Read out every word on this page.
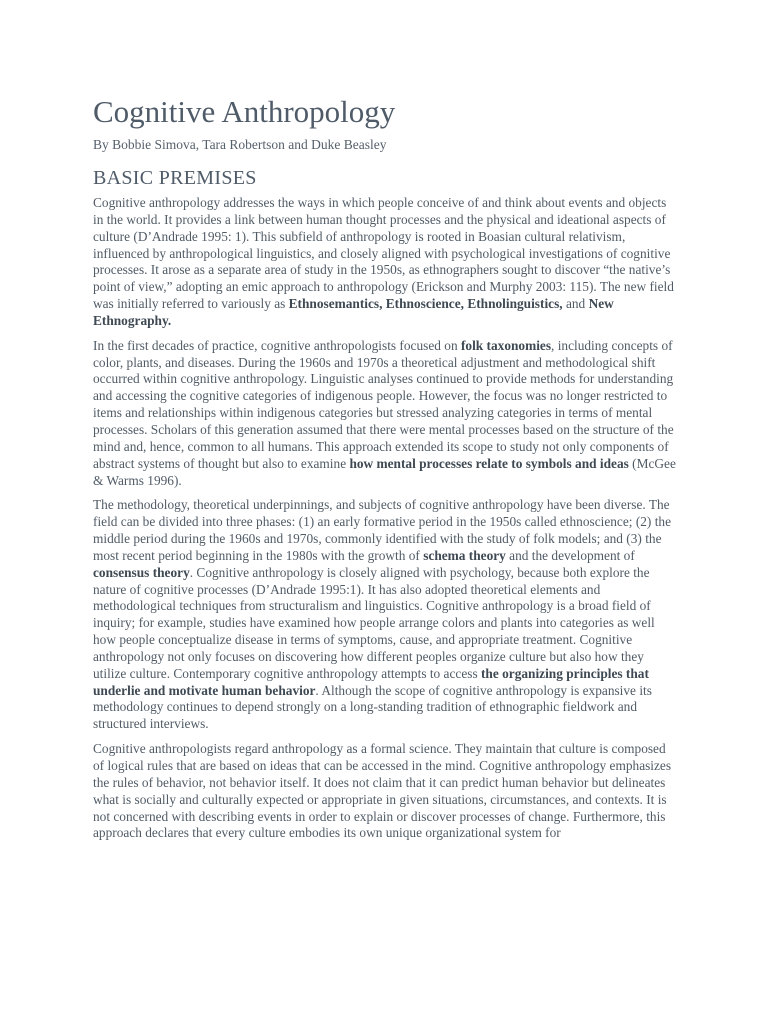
Cognitive Anthropology

By Bobbie Simova, Tara Robertson and Duke Beasley

BASIC PREMISES

Cognitive anthropology addresses the ways in which people conceive of and think about events and objects in the world. It provides a link between human thought processes and the physical and ideational aspects of culture (D’Andrade 1995: 1). This subfield of anthropology is rooted in Boasian cultural relativism, influenced by anthropological linguistics, and closely aligned with psychological investigations of cognitive processes. It arose as a separate area of study in the 1950s, as ethnographers sought to discover “the native’s point of view,” adopting an emic approach to anthropology (Erickson and Murphy 2003: 115). The new field was initially referred to variously as Ethnosemantics, Ethnoscience, Ethnolinguistics, and New Ethnography.

In the first decades of practice, cognitive anthropologists focused on folk taxonomies, including concepts of color, plants, and diseases. During the 1960s and 1970s a theoretical adjustment and methodological shift occurred within cognitive anthropology. Linguistic analyses continued to provide methods for understanding and accessing the cognitive categories of indigenous people. However, the focus was no longer restricted to items and relationships within indigenous categories but stressed analyzing categories in terms of mental processes. Scholars of this generation assumed that there were mental processes based on the structure of the mind and, hence, common to all humans. This approach extended its scope to study not only components of abstract systems of thought but also to examine how mental processes relate to symbols and ideas (McGee & Warms 1996).

The methodology, theoretical underpinnings, and subjects of cognitive anthropology have been diverse. The field can be divided into three phases: (1) an early formative period in the 1950s called ethnoscience; (2) the middle period during the 1960s and 1970s, commonly identified with the study of folk models; and (3) the most recent period beginning in the 1980s with the growth of schema theory and the development of consensus theory. Cognitive anthropology is closely aligned with psychology, because both explore the nature of cognitive processes (D’Andrade 1995:1). It has also adopted theoretical elements and methodological techniques from structuralism and linguistics. Cognitive anthropology is a broad field of inquiry; for example, studies have examined how people arrange colors and plants into categories as well how people conceptualize disease in terms of symptoms, cause, and appropriate treatment. Cognitive anthropology not only focuses on discovering how different peoples organize culture but also how they utilize culture. Contemporary cognitive anthropology attempts to access the organizing principles that underlie and motivate human behavior. Although the scope of cognitive anthropology is expansive its methodology continues to depend strongly on a long-standing tradition of ethnographic fieldwork and structured interviews.

Cognitive anthropologists regard anthropology as a formal science. They maintain that culture is composed of logical rules that are based on ideas that can be accessed in the mind. Cognitive anthropology emphasizes the rules of behavior, not behavior itself. It does not claim that it can predict human behavior but delineates what is socially and culturally expected or appropriate in given situations, circumstances, and contexts. It is not concerned with describing events in order to explain or discover processes of change. Furthermore, this approach declares that every culture embodies its own unique organizational system for
